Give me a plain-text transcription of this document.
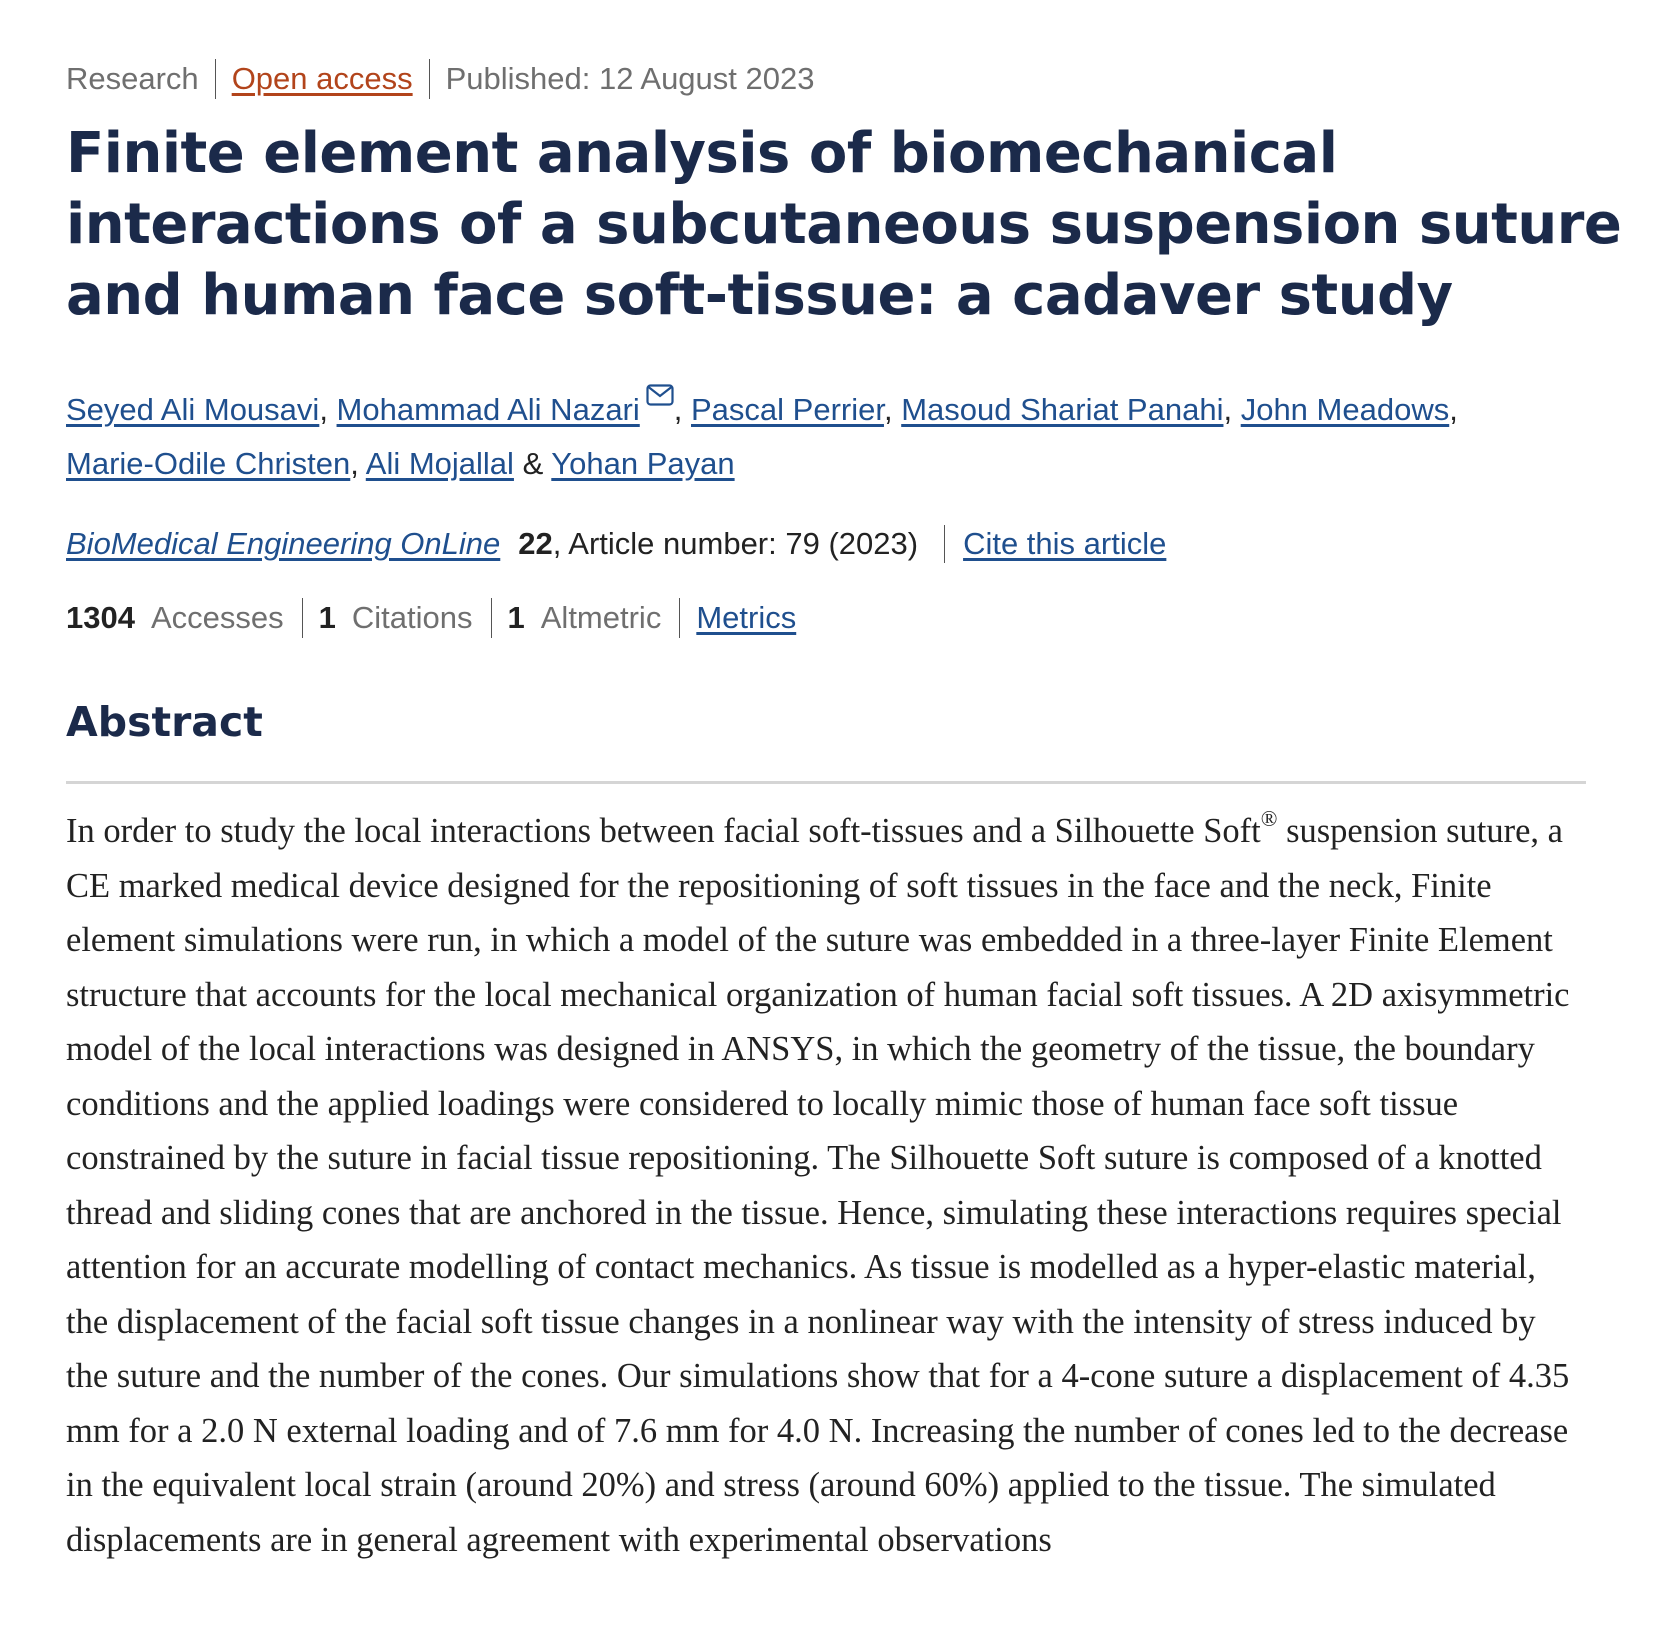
Research Open access Published: 12 August 2023
Finite element analysis of biomechanical interactions of a subcutaneous suspension suture and human face soft-tissue: a cadaver study
Seyed Ali Mousavi, Mohammad Ali Nazari , Pascal Perrier, Masoud Shariat Panahi, John Meadows,
Marie-Odile Christen, Ali Mojallal & Yohan Payan
BioMedical Engineering OnLine 22 , Article number: 79 (2023) Cite this article
1304 Accesses 1 Citations 1 Altmetric Metrics
Abstract

In order to study the local interactions between facial soft-tissues and a Silhouette Soft® suspension suture, a CE marked medical device designed for the repositioning of soft tissues in the face and the neck, Finite element simulations were run, in which a model of the suture was embedded in a three-layer Finite Element structure that accounts for the local mechanical organization of human facial soft tissues. A 2D axisymmetric model of the local interactions was designed in ANSYS, in which the geometry of the tissue, the boundary conditions and the applied loadings were considered to locally mimic those of human face soft tissue constrained by the suture in facial tissue repositioning. The Silhouette Soft suture is composed of a knotted thread and sliding cones that are anchored in the tissue. Hence, simulating these interactions requires special attention for an accurate modelling of contact mechanics. As tissue is modelled as a hyper-elastic material, the displacement of the facial soft tissue changes in a nonlinear way with the intensity of stress induced by the suture and the number of the cones. Our simulations show that for a 4-cone suture a displacement of 4.35 mm for a 2.0 N external loading and of 7.6 mm for 4.0 N. Increasing the number of cones led to the decrease in the equivalent local strain (around 20%) and stress (around 60%) applied to the tissue. The simulated displacements are in general agreement with experimental observations
